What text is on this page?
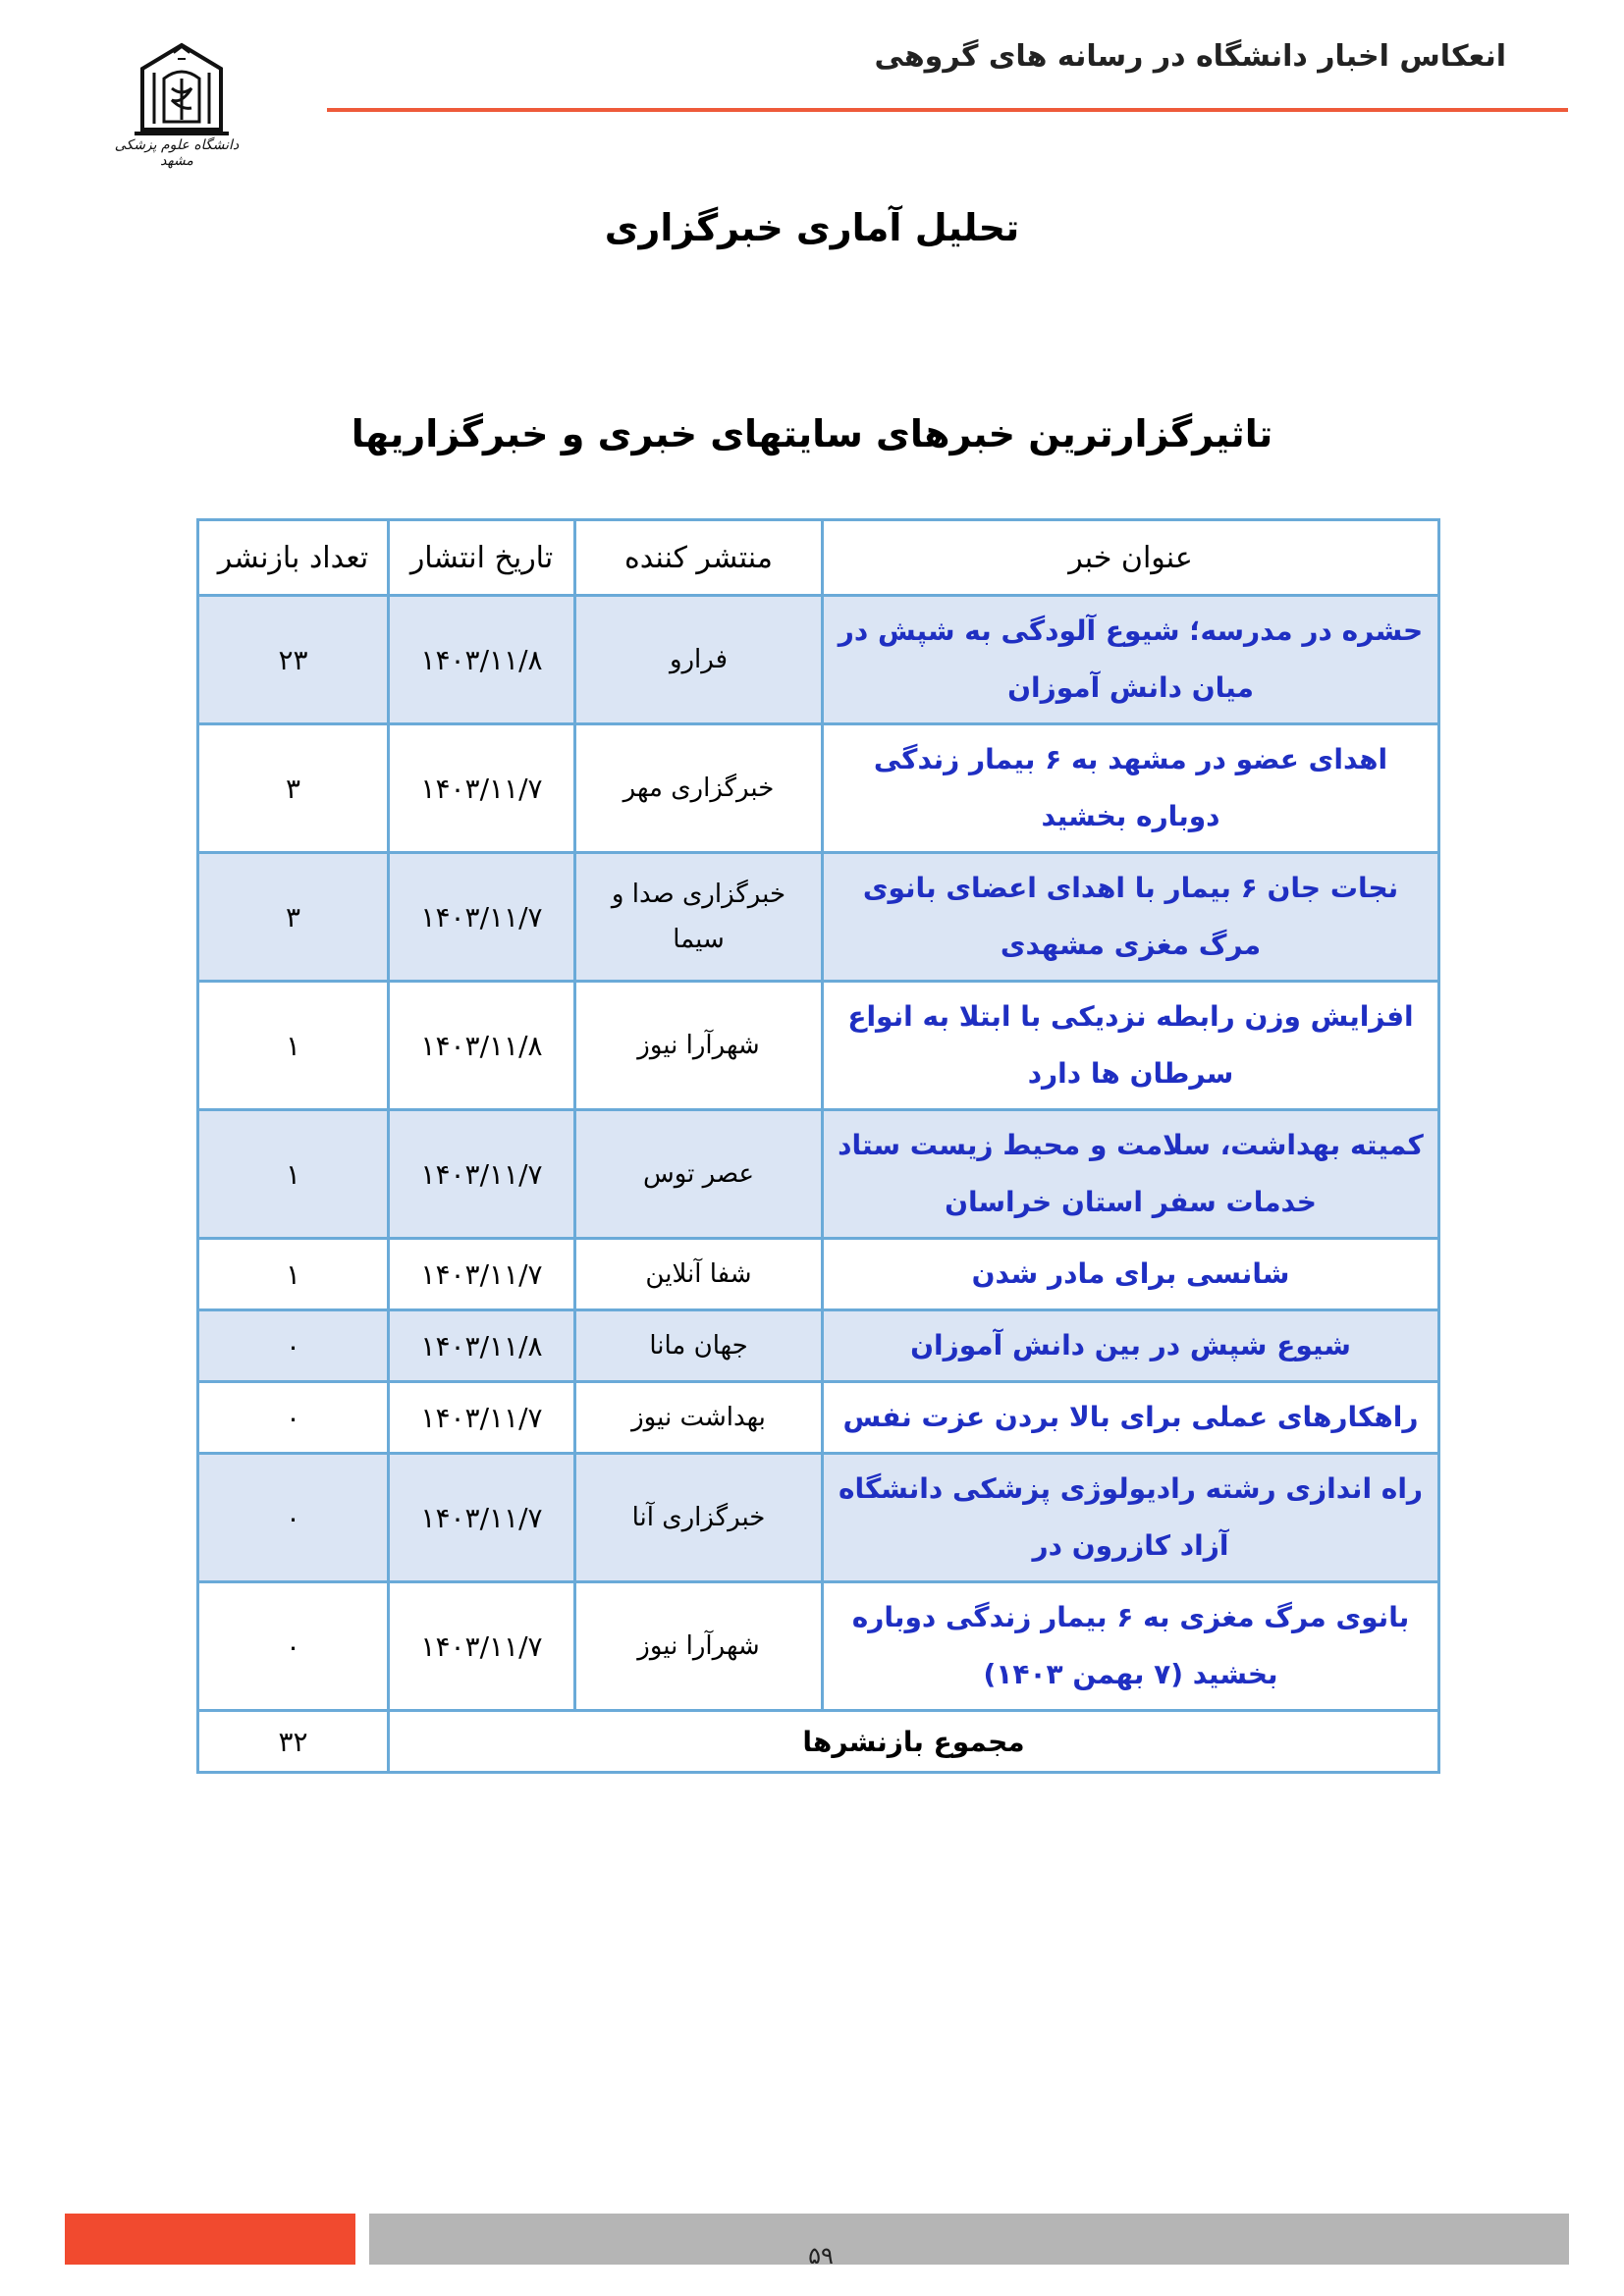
انعکاس اخبار دانشگاه در رسانه های گروهی
دانشگاه علوم پزشکی مشهد
تحلیل آماری خبرگزاری
تاثیرگزارترین خبرهای سایتهای خبری و خبرگزاریها
عنوان خبر	منتشر کننده	تاریخ انتشار	تعداد بازنشر
حشره در مدرسه؛ شیوع آلودگی به شپش در میان دانش آموزان	فرارو	۱۴۰۳/۱۱/۸	۲۳
اهدای عضو در مشهد به ۶ بیمار زندگی دوباره بخشید	خبرگزاری مهر	۱۴۰۳/۱۱/۷	۳
نجات جان ۶ بیمار با اهدای اعضای بانوی مرگ مغزی مشهدی	خبرگزاری صدا و سیما	۱۴۰۳/۱۱/۷	۳
افزایش وزن رابطه نزدیکی با ابتلا به انواع سرطان ها دارد	شهرآرا نیوز	۱۴۰۳/۱۱/۸	۱
کمیته بهداشت، سلامت و محیط زیست ستاد خدمات سفر استان خراسان	عصر توس	۱۴۰۳/۱۱/۷	۱
شانسی برای مادر شدن	شفا آنلاین	۱۴۰۳/۱۱/۷	۱
شیوع شپش در بین دانش آموزان	جهان مانا	۱۴۰۳/۱۱/۸	۰
راهکارهای عملی برای بالا بردن عزت نفس	بهداشت نیوز	۱۴۰۳/۱۱/۷	۰
راه اندازی رشته رادیولوژی پزشکی دانشگاه آزاد کازرون در	خبرگزاری آنا	۱۴۰۳/۱۱/۷	۰
بانوی مرگ مغزی به ۶ بیمار زندگی دوباره بخشید (۷ بهمن ۱۴۰۳)	شهرآرا نیوز	۱۴۰۳/۱۱/۷	۰
مجموع بازنشرها			۳۲
۵۹
